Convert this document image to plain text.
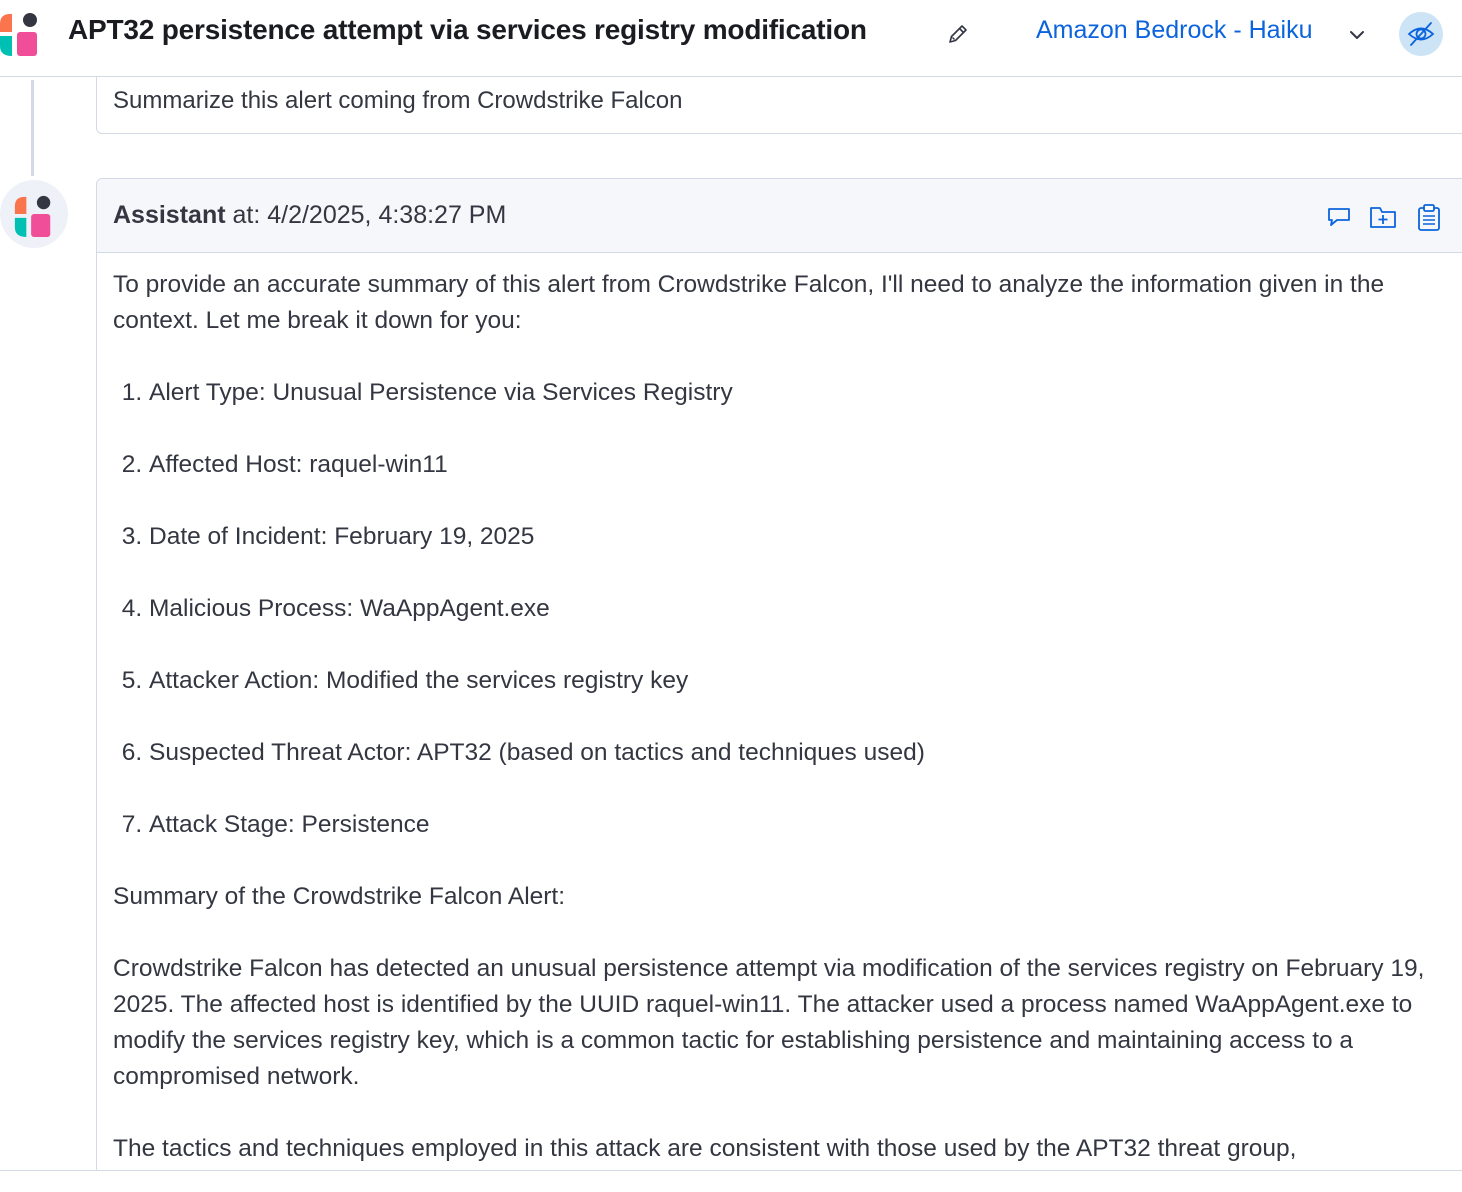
Summarize this alert coming from Crowdstrike Falcon
APT32 persistence attempt via services registry modification	Amazon Bedrock - Haiku
Assistant at: 4/2/2025, 4:38:27 PM

To provide an accurate summary of this alert from Crowdstrike Falcon, I'll need to analyze the information given in the context. Let me break it down for you:

1. Alert Type: Unusual Persistence via Services Registry
2. Affected Host: raquel-win11
3. Date of Incident: February 19, 2025
4. Malicious Process: WaAppAgent.exe
5. Attacker Action: Modified the services registry key
6. Suspected Threat Actor: APT32 (based on tactics and techniques used)
7. Attack Stage: Persistence

Summary of the Crowdstrike Falcon Alert:

Crowdstrike Falcon has detected an unusual persistence attempt via modification of the services registry on February 19, 2025. The affected host is identified by the UUID raquel-win11. The attacker used a process named WaAppAgent.exe to modify the services registry key, which is a common tactic for establishing persistence and maintaining access to a compromised network.

The tactics and techniques employed in this attack are consistent with those used by the APT32 threat group,
